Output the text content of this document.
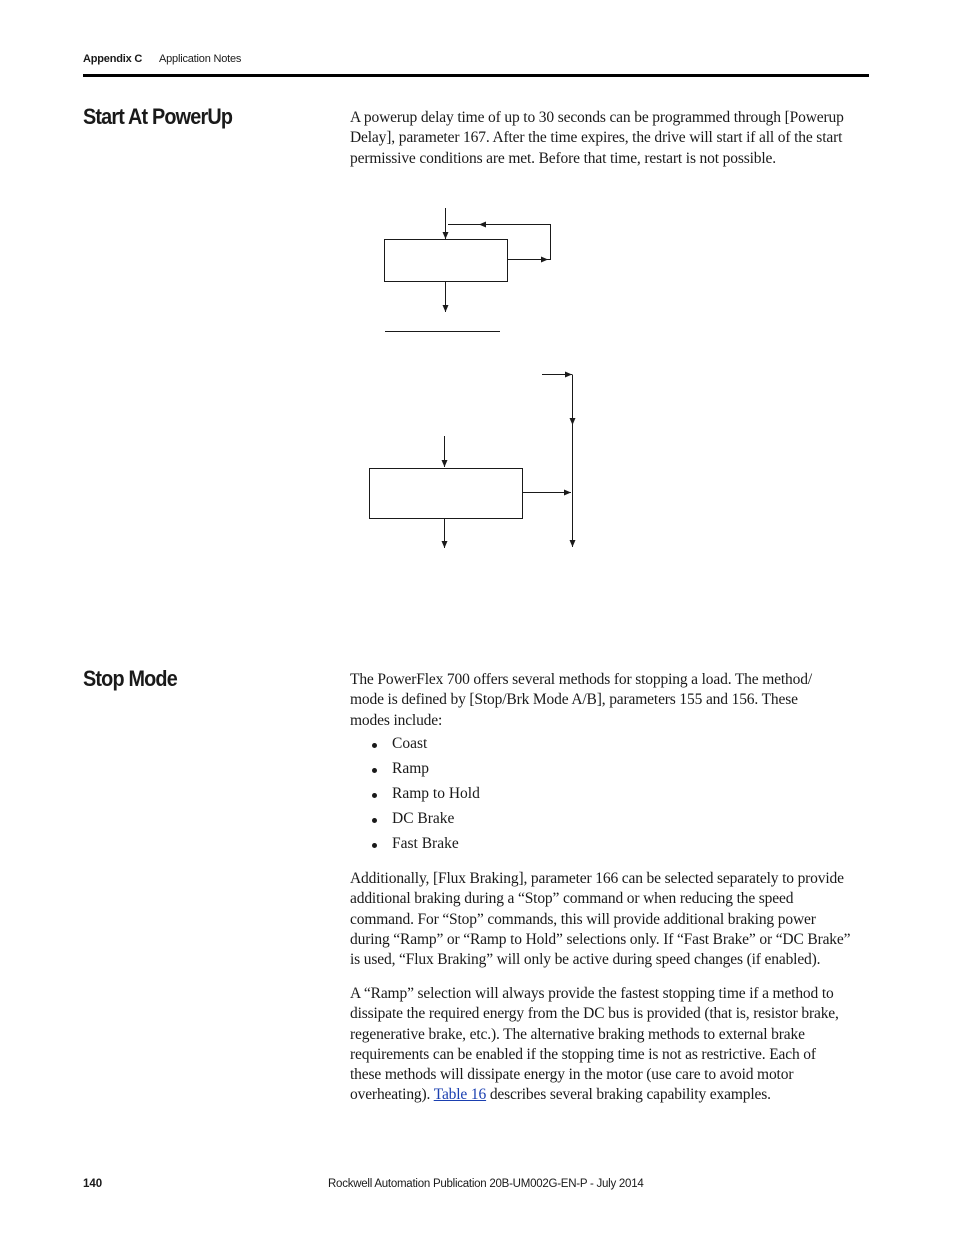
Appendix C Application Notes
Start At PowerUp	A powerup delay time of up to 30 seconds can be programmed through [Powerup
Delay], parameter 167. After the time expires, the drive will start if all of the start
permissive conditions are met. Before that time, restart is not possible.
Stop Mode	The PowerFlex 700 offers several methods for stopping a load. The method/
mode is defined by [Stop/Brk Mode A/B], parameters 155 and 156. These
modes include:
Coast
Ramp
Ramp to Hold
DC Brake
Fast Brake
Additionally, [Flux Braking], parameter 166 can be selected separately to provide
additional braking during a “Stop” command or when reducing the speed
command. For “Stop” commands, this will provide additional braking power
during “Ramp” or “Ramp to Hold” selections only. If “Fast Brake” or “DC Brake”
is used, “Flux Braking” will only be active during speed changes (if enabled).
A “Ramp” selection will always provide the fastest stopping time if a method to
dissipate the required energy from the DC bus is provided (that is, resistor brake,
regenerative brake, etc.). The alternative braking methods to external brake
requirements can be enabled if the stopping time is not as restrictive. Each of
these methods will dissipate energy in the motor (use care to avoid motor
overheating). Table 16 describes several braking capability examples.
140	Rockwell Automation Publication 20B-UM002G-EN-P - July 2014
